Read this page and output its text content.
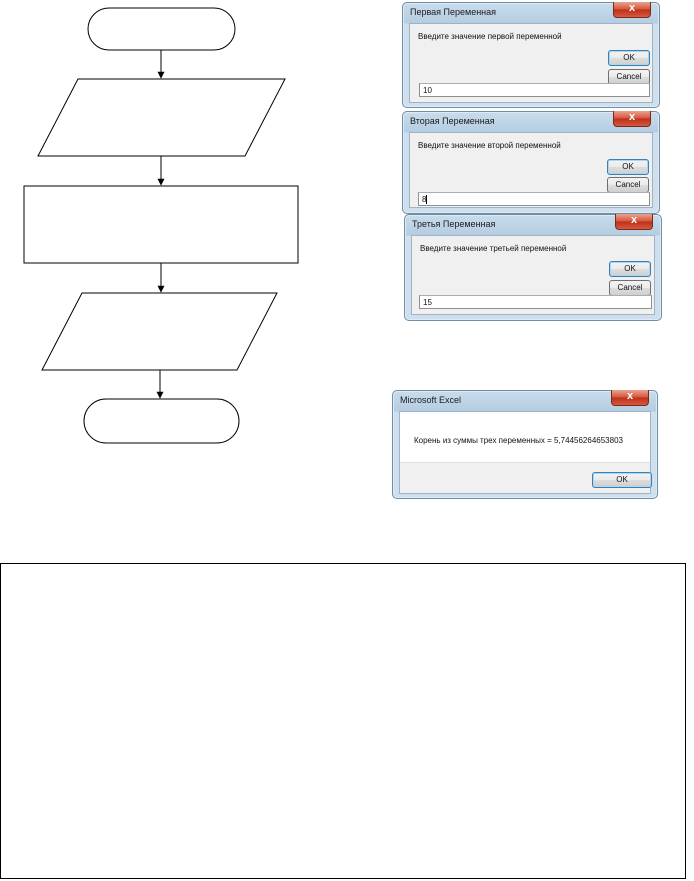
Первая Переменная	x
Введите значение первой переменной
OK
Cancel
10
Вторая Переменная	x
Введите значение второй переменной
OK
Cancel
8
Третья Переменная	x
Введите значение третьей переменной
OK
Cancel
15
Microsoft Excel	x
Корень из суммы трех переменных = 5,74456264653803
OK
